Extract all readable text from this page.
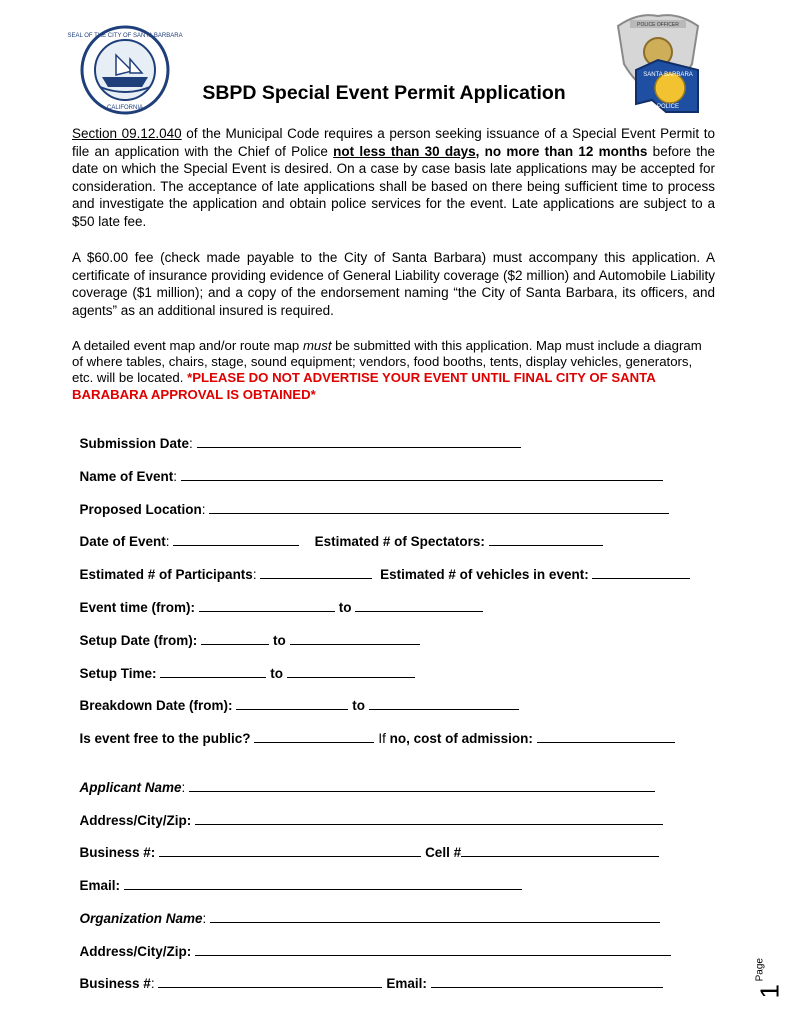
SEAL OF THE CITY OF SANTA BARBARA
CALIFORNIA
POLICE OFFICER
SANTA BARBARA
POLICE
SBPD Special Event Permit Application
Section 09.12.040 of the Municipal Code requires a person seeking issuance of a Special Event Permit to file an application with the Chief of Police not less than 30 days, no more than 12 months before the date on which the Special Event is desired. On a case by case basis late applications may be accepted for consideration. The acceptance of late applications shall be based on there being sufficient time to process and investigate the application and obtain police services for the event. Late applications are subject to a $50 late fee.
A $60.00 fee (check made payable to the City of Santa Barbara) must accompany this application. A certificate of insurance providing evidence of General Liability coverage ($2 million) and Automobile Liability coverage ($1 million); and a copy of the endorsement naming “the City of Santa Barbara, its officers, and agents” as an additional insured is required.
A detailed event map and/or route map must be submitted with this application. Map must include a diagram of where tables, chairs, stage, sound equipment; vendors, food booths, tents, display vehicles, generators, etc. will be located. *PLEASE DO NOT ADVERTISE YOUR EVENT UNTIL FINAL CITY OF SANTA BARABARA APPROVAL IS OBTAINED*

Submission Date:

Name of Event:

Proposed Location:

Date of Event:	Estimated # of Spectators:

Estimated # of Participants:	Estimated # of vehicles in event:

Event time (from):	to

Setup Date (from):	to

Setup Time:	to

Breakdown Date (from):	to

Is event free to the public?	If no, cost of admission:

Applicant Name:

Address/City/Zip:

Business #:	Cell #

Email:

Organization Name:

Address/City/Zip:

Business #:	Email:

Page
1
